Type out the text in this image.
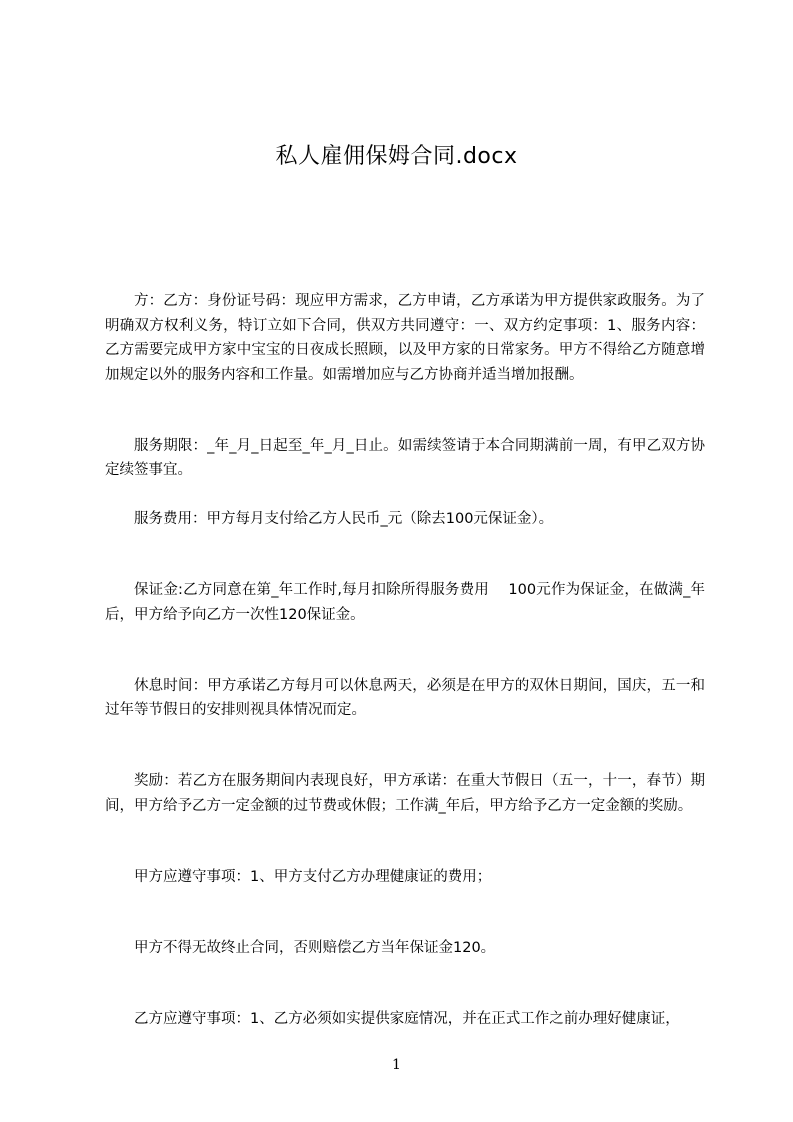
私人雇佣保姆合同.docx

方：乙方：身份证号码：现应甲方需求，乙方申请，乙方承诺为甲方提供家政服务。为了明确双方权利义务，特订立如下合同，供双方共同遵守：一、双方约定事项：1、服务内容：乙方需要完成甲方家中宝宝的日夜成长照顾，以及甲方家的日常家务。甲方不得给乙方随意增加规定以外的服务内容和工作量。如需增加应与乙方协商并适当增加报酬。

服务期限：_年_月_日起至_年_月_日止。如需续签请于本合同期满前一周，有甲乙双方协定续签事宜。

服务费用：甲方每月支付给乙方人民币_元（除去100元保证金）。

保证金:乙方同意在第_年工作时,每月扣除所得服务费用　 100元作为保证金，在做满_年后，甲方给予向乙方一次性120保证金。

休息时间：甲方承诺乙方每月可以休息两天，必须是在甲方的双休日期间，国庆，五一和过年等节假日的安排则视具体情况而定。

奖励：若乙方在服务期间内表现良好，甲方承诺：在重大节假日（五一，十一，春节）期间，甲方给予乙方一定金额的过节费或休假；工作满_年后，甲方给予乙方一定金额的奖励。

甲方应遵守事项：1、甲方支付乙方办理健康证的费用；

甲方不得无故终止合同，否则赔偿乙方当年保证金120。

乙方应遵守事项：1、乙方必须如实提供家庭情况，并在正式工作之前办理好健康证，

1
